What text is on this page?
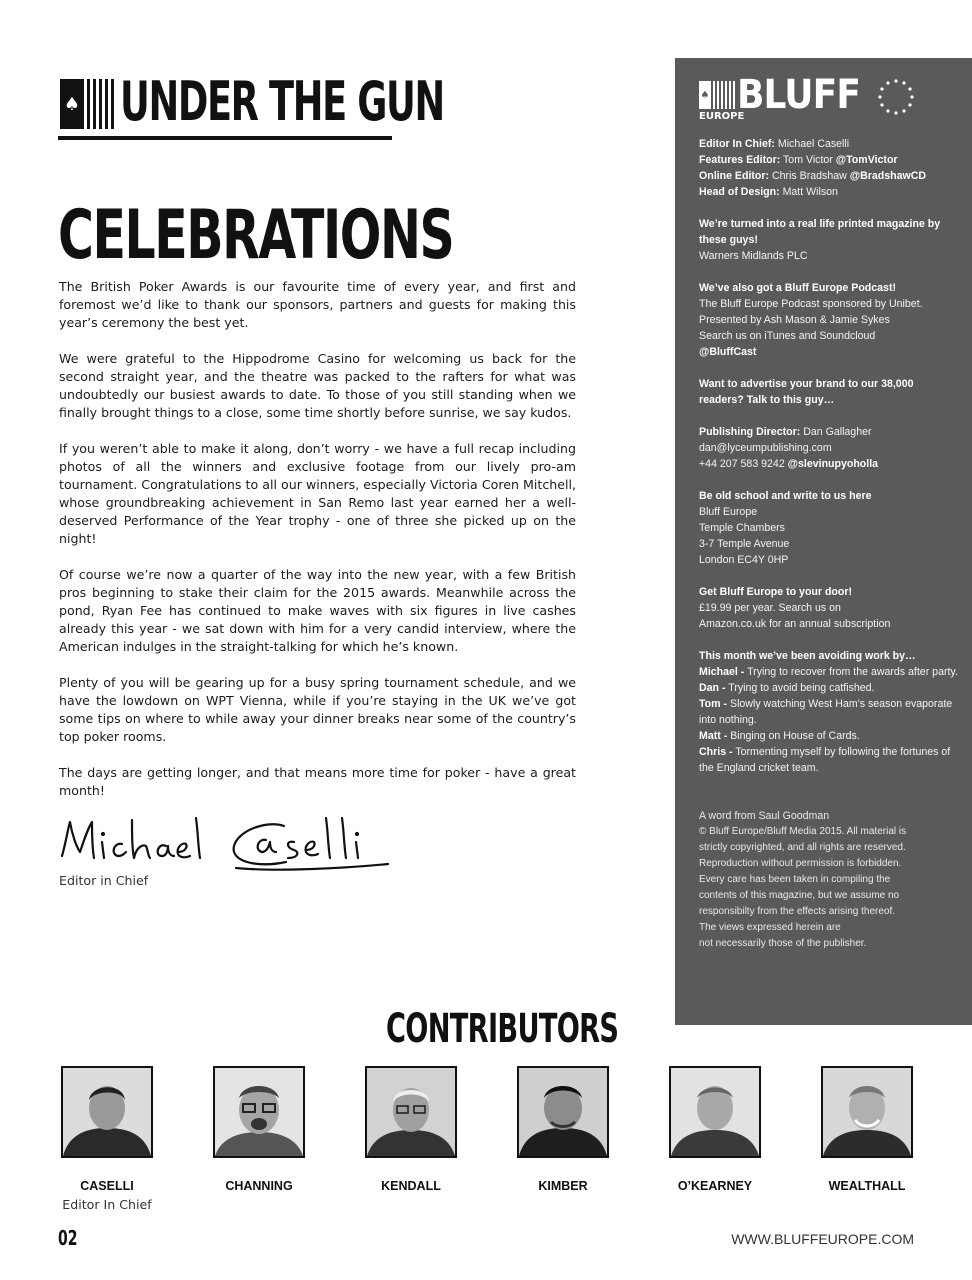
♠ UNDER THE GUN
CELEBRATIONS

The British Poker Awards is our favourite time of every year, and first and foremost we’d like to thank our sponsors, partners and guests for making this year’s ceremony the best yet.

We were grateful to the Hippodrome Casino for welcoming us back for the second straight year, and the theatre was packed to the rafters for what was undoubtedly our busiest awards to date. To those of you still standing when we finally brought things to a close, some time shortly before sunrise, we say kudos.

If you weren’t able to make it along, don’t worry - we have a full recap including photos of all the winners and exclusive footage from our lively pro-am tournament. Congratulations to all our winners, especially Victoria Coren Mitchell, whose groundbreaking achievement in San Remo last year earned her a well-deserved Performance of the Year trophy - one of three she picked up on the night!

Of course we’re now a quarter of the way into the new year, with a few British pros beginning to stake their claim for the 2015 awards. Meanwhile across the pond, Ryan Fee has continued to make waves with six figures in live cashes already this year - we sat down with him for a very candid interview, where the American indulges in the straight-talking for which he’s known.

Plenty of you will be gearing up for a busy spring tournament schedule, and we have the lowdown on WPT Vienna, while if you’re staying in the UK we’ve got some tips on where to while away your dinner breaks near some of the country’s top poker rooms.

The days are getting longer, and that means more time for poker - have a great month!

Editor in Chief
♠ BLUFF
EUROPE
Editor In Chief: Michael Caselli
Features Editor: Tom Victor @TomVictor
Online Editor: Chris Bradshaw @BradshawCD
Head of Design: Matt Wilson
We’re turned into a real life printed magazine by these guys!
Warners Midlands PLC
We’ve also got a Bluff Europe Podcast!
The Bluff Europe Podcast sponsored by Unibet.
Presented by Ash Mason & Jamie Sykes
Search us on iTunes and Soundcloud
@BluffCast
Want to advertise your brand to our 38,000 readers? Talk to this guy…
Publishing Director: Dan Gallagher
dan@lyceumpublishing.com
+44 207 583 9242 @slevinupyoholla
Be old school and write to us here
Bluff Europe
Temple Chambers
3-7 Temple Avenue
London EC4Y 0HP
Get Bluff Europe to your door!
£19.99 per year. Search us on
Amazon.co.uk for an annual subscription
This month we’ve been avoiding work by…
Michael - Trying to recover from the awards after party.
Dan - Trying to avoid being catfished.
Tom - Slowly watching West Ham’s season evaporate into nothing.
Matt - Binging on House of Cards.
Chris - Tormenting myself by following the fortunes of the England cricket team.
A word from Saul Goodman
© Bluff Europe/Bluff Media 2015. All material is
strictly copyrighted, and all rights are reserved.
Reproduction without permission is forbidden.
Every care has been taken in compiling the
contents of this magazine, but we assume no
responsibilty from the effects arising thereof.
The views expressed herein are
not necessarily those of the publisher.
CONTRIBUTORS
CASELLI
Editor In Chief
CHANNING	KENDALL	KIMBER	O’KEARNEY	WEALTHALL
02	WWW.BLUFFEUROPE.COM
